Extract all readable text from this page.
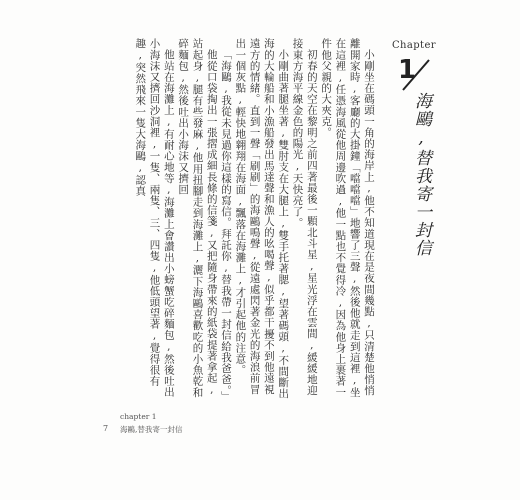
小剛坐在碼頭一角的海岸上,他不知道現在是夜間幾點,只清楚他悄悄離開家時,客廳的大掛鐘「噹噹噹」地響了三聲,然後他就走到這裡,坐在這裡,任憑海風從他周邊吹過,他一點也不覺得冷,因為他身上裹著一件他父親的大夾克。

初春的天空在黎明之前四著最後一顆北斗星,星光浮在雲間,緩緩地迎接東方海平線金色的陽光,天快亮了。

小剛曲著腿坐著,雙肘支在大腿上,雙手托著腮,望著碼頭,不間斷出海的大輪船和小漁船發出馬達聲和漁人的吆喝聲,似乎都干擾不到他遠視遠方的情緒。直到一聲「刷刷」的海鷗鳴聲,從遠處閃著金光的海浪前冒出一個灰點,輕快地翱翔在海面,飄落在海灘上,才引起他的注意。

「海鷗,我從未見過你這樣的寫信。拜託你,替我帶一封信給我爸爸。」

他從口袋掏出一張摺成細長條的信箋,又把隨身帶來的紙袋提著拿起,站起身,腿有些發麻,他用扭腳走到海灘上,灑下海鷗喜歡吃的小魚乾和碎麵包,然後吐出小海沫又擠回

他站在海灘上,有耐心地等,海灘上會讚出小螃蟹吃碎麵包,然後吐出小海沫又擠回沙洞裡,一隻、兩隻、三、四隻,他低頭望著,覺得很有趣,突然飛來一隻大海鷗,認真	Chapter
1
海鷗,替我寄一封信
chapter 1
7 海鷗,替我寄一封信
